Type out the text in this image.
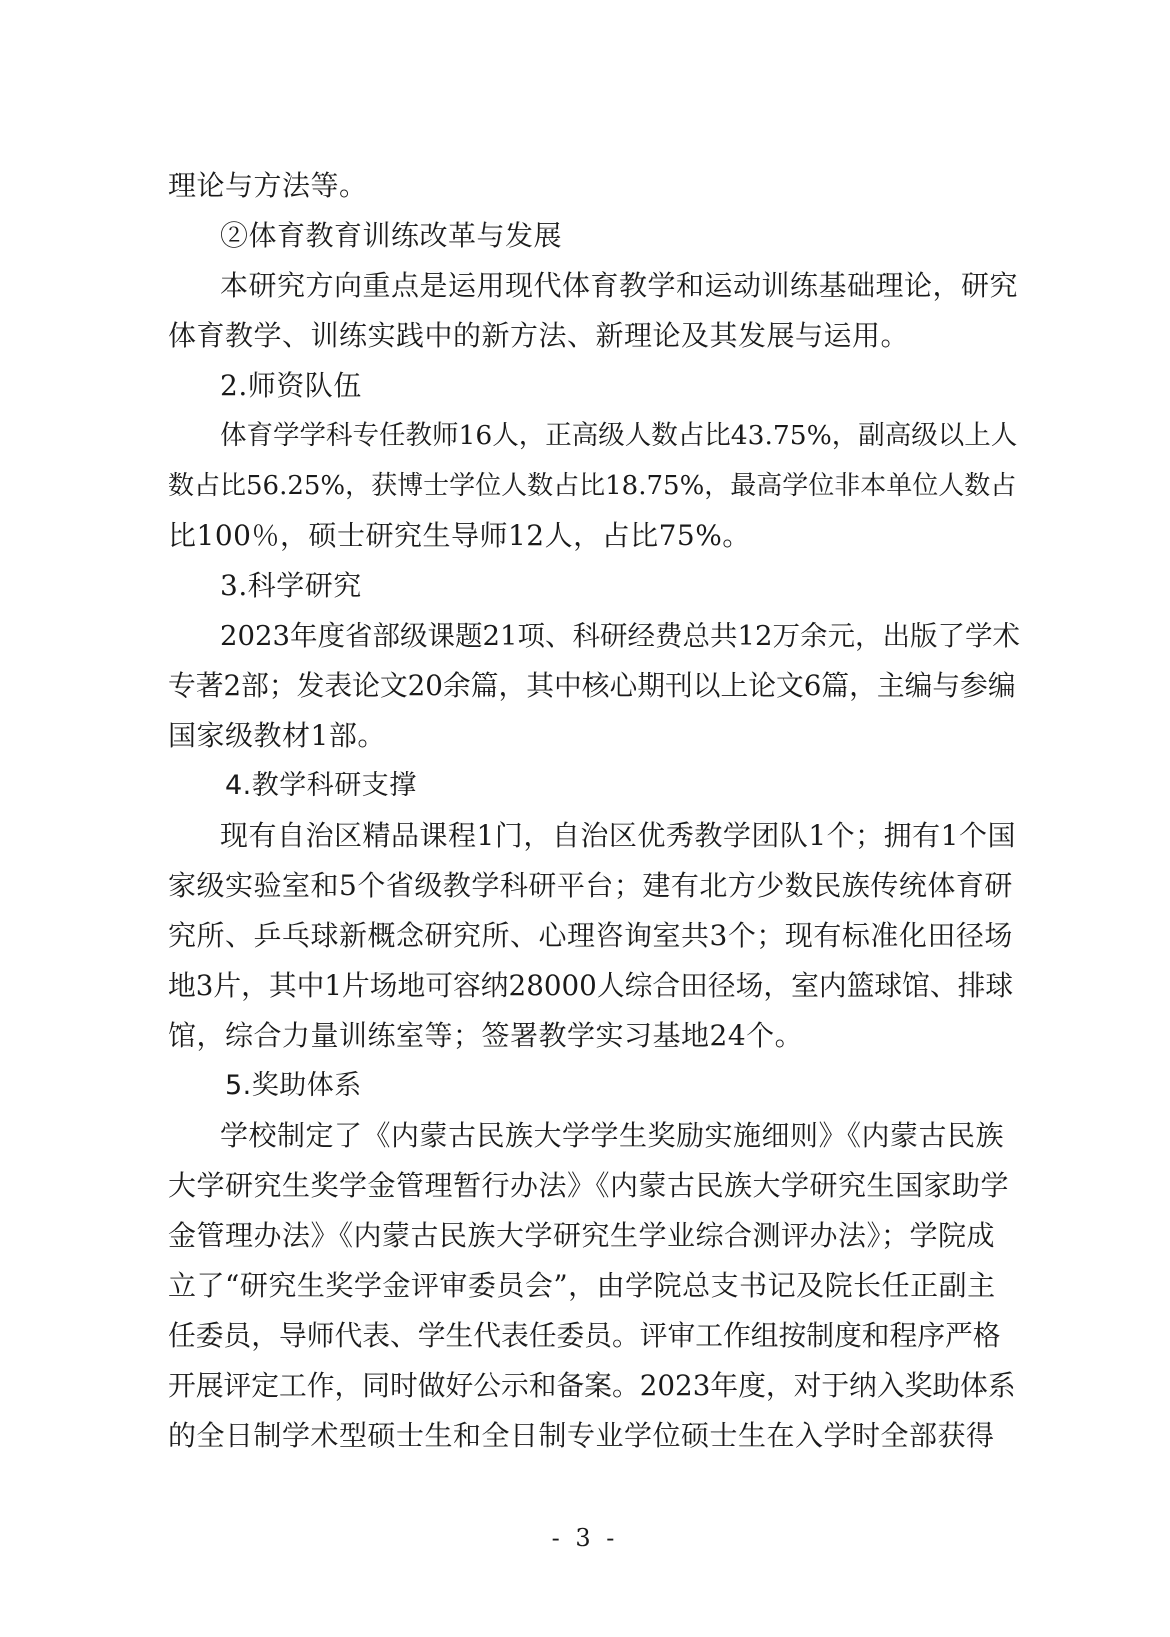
理论与方法等。
②体育教育训练改革与发展
本研究方向重点是运用现代体育教学和运动训练基础理论，研究
体育教学、训练实践中的新方法、新理论及其发展与运用。
2.师资队伍
体育学学科专任教师16人，正高级人数占比43.75%，副高级以上人
数占比56.25%，获博士学位人数占比18.75%，最高学位非本单位人数占
比100％，硕士研究生导师12人，占比75%。
3.科学研究
2023年度省部级课题21项、科研经费总共12万余元，出版了学术
专著2部；发表论文20余篇，其中核心期刊以上论文6篇，主编与参编
国家级教材1部。
4.教学科研支撑
现有自治区精品课程1门，自治区优秀教学团队1个；拥有1个国
家级实验室和5个省级教学科研平台；建有北方少数民族传统体育研
究所、乒乓球新概念研究所、心理咨询室共3个；现有标准化田径场
地3片，其中1片场地可容纳28000人综合田径场，室内篮球馆、排球
馆，综合力量训练室等；签署教学实习基地24个。
5.奖助体系
学校制定了《内蒙古民族大学学生奖励实施细则》《内蒙古民族
大学研究生奖学金管理暂行办法》《内蒙古民族大学研究生国家助学
金管理办法》《内蒙古民族大学研究生学业综合测评办法》；学院成
立了“研究生奖学金评审委员会”，由学院总支书记及院长任正副主
任委员，导师代表、学生代表任委员。评审工作组按制度和程序严格
开展评定工作，同时做好公示和备案。2023年度，对于纳入奖助体系
的全日制学术型硕士生和全日制专业学位硕士生在入学时全部获得
- 3 -
